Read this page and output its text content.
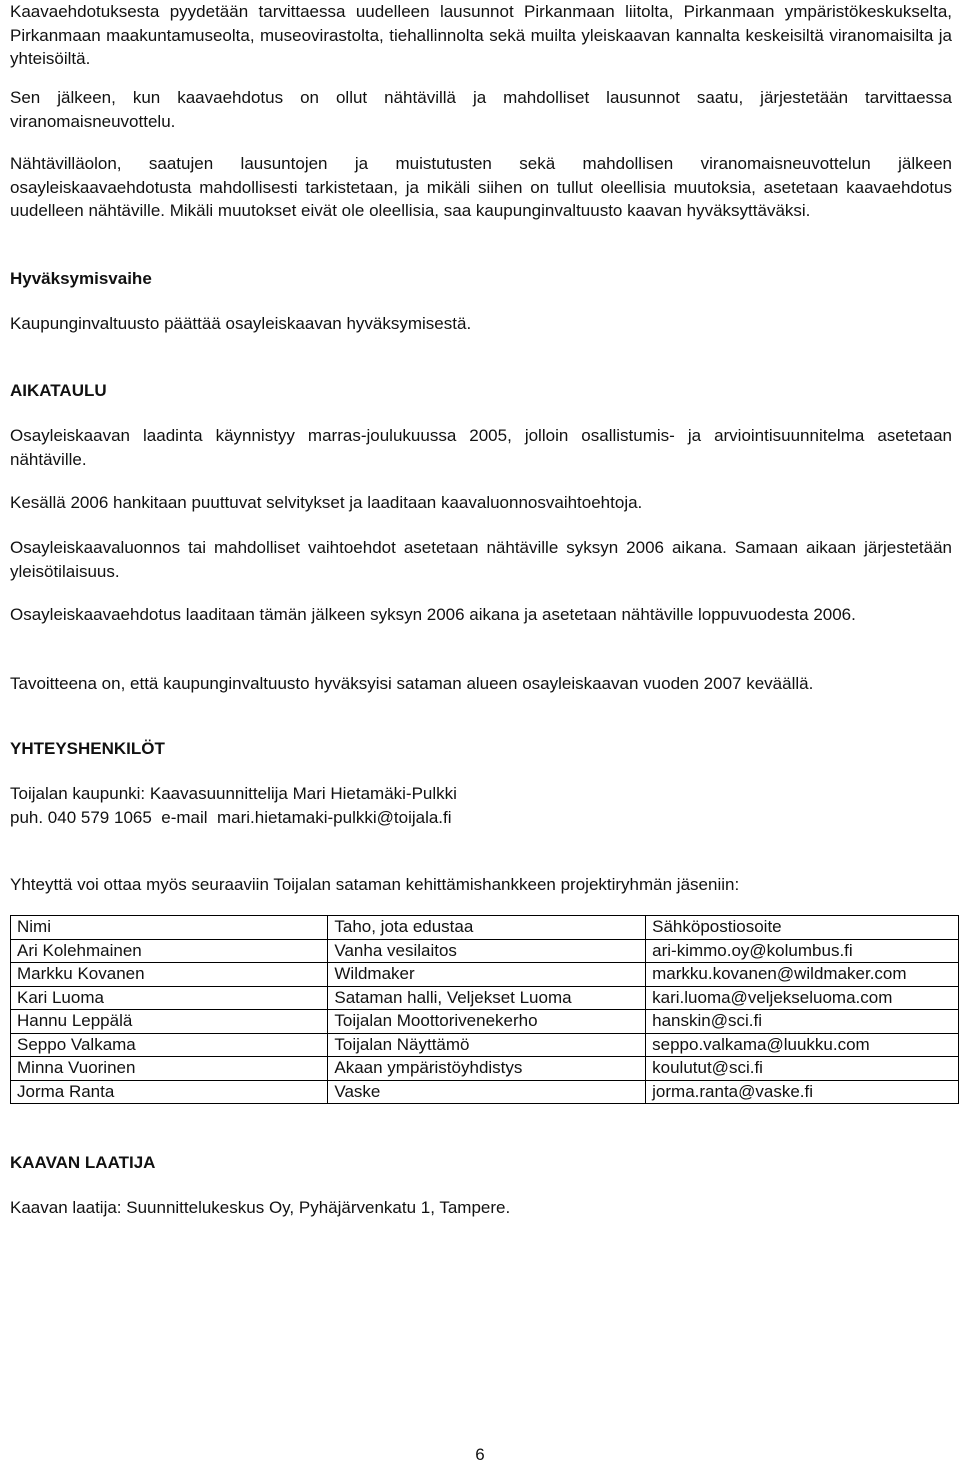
Kaavaehdotuksesta pyydetään tarvittaessa uudelleen lausunnot Pirkanmaan liitolta, Pirkanmaan ympäristökeskukselta, Pirkanmaan maakuntamuseolta, museovirastolta, tiehallinnolta sekä muilta yleiskaavan kannalta keskeisiltä viranomaisilta ja yhteisöiltä.

Sen jälkeen, kun kaavaehdotus on ollut nähtävillä ja mahdolliset lausunnot saatu, järjestetään tarvittaessa viranomaisneuvottelu.

Nähtävilläolon, saatujen lausuntojen ja muistutusten sekä mahdollisen viranomaisneuvottelun jälkeen osayleiskaavaehdotusta mahdollisesti tarkistetaan, ja mikäli siihen on tullut oleellisia muutoksia, asetetaan kaavaehdotus uudelleen nähtäville. Mikäli muutokset eivät ole oleellisia, saa kaupunginvaltuusto kaavan hyväksyttäväksi.

Hyväksymisvaihe

Kaupunginvaltuusto päättää osayleiskaavan hyväksymisestä.

AIKATAULU

Osayleiskaavan laadinta käynnistyy marras-joulukuussa 2005, jolloin osallistumis- ja arviointisuunnitelma asetetaan nähtäville.

Kesällä 2006 hankitaan puuttuvat selvitykset ja laaditaan kaavaluonnosvaihtoehtoja.

Osayleiskaavaluonnos tai mahdolliset vaihtoehdot asetetaan nähtäville syksyn 2006 aikana. Samaan aikaan järjestetään yleisötilaisuus.

Osayleiskaavaehdotus laaditaan tämän jälkeen syksyn 2006 aikana ja asetetaan nähtäville loppuvuodesta 2006.

Tavoitteena on, että kaupunginvaltuusto hyväksyisi sataman alueen osayleiskaavan vuoden 2007 keväällä.

YHTEYSHENKILÖT

Toijalan kaupunki: Kaavasuunnittelija Mari Hietamäki-Pulkki

puh. 040 579 1065  e-mail  mari.hietamaki-pulkki@toijala.fi

Yhteyttä voi ottaa myös seuraaviin Toijalan sataman kehittämishankkeen projektiryhmän jäseniin:

Nimi	Taho, jota edustaa	Sähköpostiosoite
Ari Kolehmainen	Vanha vesilaitos	ari-kimmo.oy@kolumbus.fi
Markku Kovanen	Wildmaker	markku.kovanen@wildmaker.com
Kari Luoma	Sataman halli, Veljekset Luoma	kari.luoma@veljekseluoma.com
Hannu Leppälä	Toijalan Moottorivenekerho	hanskin@sci.fi
Seppo Valkama	Toijalan Näyttämö	seppo.valkama@luukku.com
Minna Vuorinen	Akaan ympäristöyhdistys	koulutut@sci.fi
Jorma Ranta	Vaske	jorma.ranta@vaske.fi

KAAVAN LAATIJA

Kaavan laatija: Suunnittelukeskus Oy, Pyhäjärvenkatu 1, Tampere.

6
